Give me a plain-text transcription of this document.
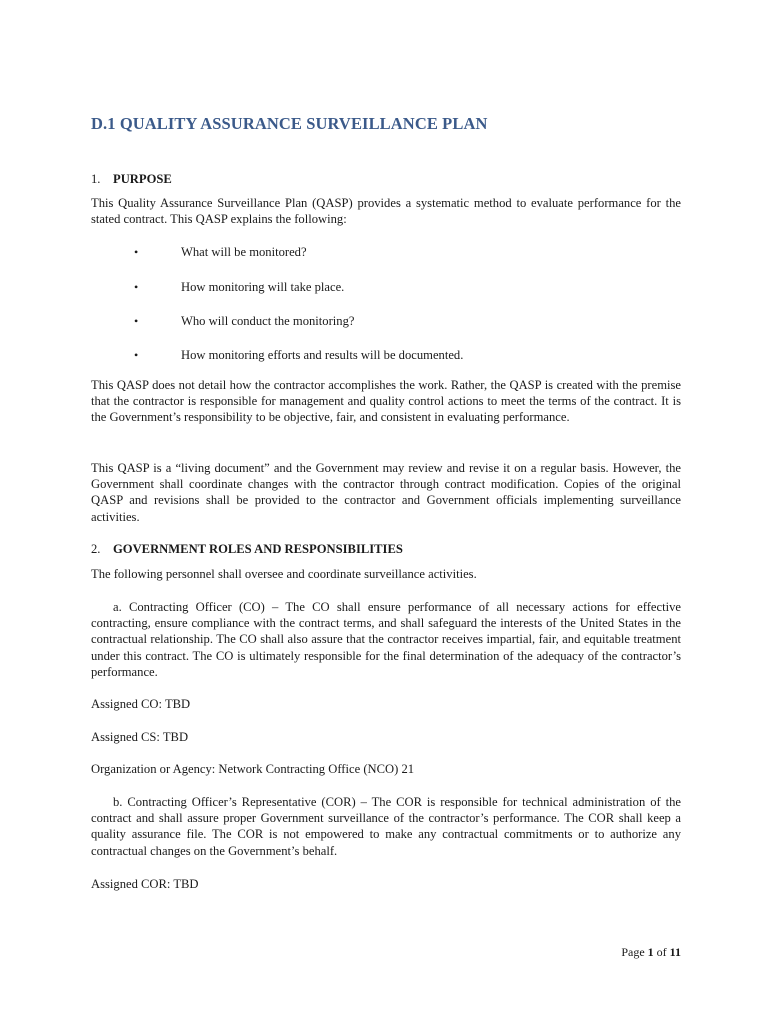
D.1 QUALITY ASSURANCE SURVEILLANCE PLAN
1. PURPOSE

This Quality Assurance Surveillance Plan (QASP) provides a systematic method to evaluate performance for the stated contract. This QASP explains the following:

•	What will be monitored?
•	How monitoring will take place.
•	Who will conduct the monitoring?
•	How monitoring efforts and results will be documented.

This QASP does not detail how the contractor accomplishes the work. Rather, the QASP is created with the premise that the contractor is responsible for management and quality control actions to meet the terms of the contract. It is the Government’s responsibility to be objective, fair, and consistent in evaluating performance.

This QASP is a “living document” and the Government may review and revise it on a regular basis. However, the Government shall coordinate changes with the contractor through contract modification. Copies of the original QASP and revisions shall be provided to the contractor and Government officials implementing surveillance activities.

2. GOVERNMENT ROLES AND RESPONSIBILITIES

The following personnel shall oversee and coordinate surveillance activities.

a. Contracting Officer (CO) – The CO shall ensure performance of all necessary actions for effective contracting, ensure compliance with the contract terms, and shall safeguard the interests of the United States in the contractual relationship. The CO shall also assure that the contractor receives impartial, fair, and equitable treatment under this contract. The CO is ultimately responsible for the final determination of the adequacy of the contractor’s performance.

Assigned CO: TBD

Assigned CS: TBD

Organization or Agency: Network Contracting Office (NCO) 21

b. Contracting Officer’s Representative (COR) – The COR is responsible for technical administration of the contract and shall assure proper Government surveillance of the contractor’s performance. The COR shall keep a quality assurance file. The COR is not empowered to make any contractual commitments or to authorize any contractual changes on the Government’s behalf.

Assigned COR: TBD

Page 1 of 11
